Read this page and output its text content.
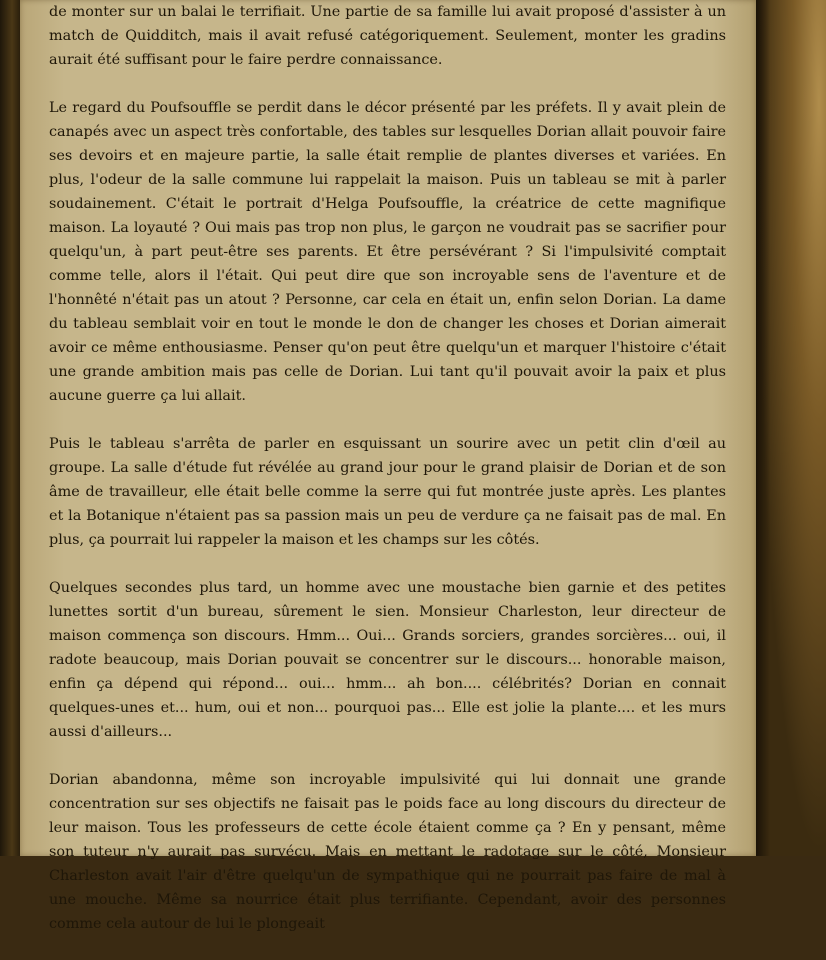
de monter sur un balai le terrifiait. Une partie de sa famille lui avait proposé d'assister à un match de Quidditch, mais il avait refusé catégoriquement. Seulement, monter les gradins aurait été suffisant pour le faire perdre connaissance.

Le regard du Poufsouffle se perdit dans le décor présenté par les préfets. Il y avait plein de canapés avec un aspect très confortable, des tables sur lesquelles Dorian allait pouvoir faire ses devoirs et en majeure partie, la salle était remplie de plantes diverses et variées. En plus, l'odeur de la salle commune lui rappelait la maison. Puis un tableau se mit à parler soudainement. C'était le portrait d'Helga Poufsouffle, la créatrice de cette magnifique maison. La loyauté ? Oui mais pas trop non plus, le garçon ne voudrait pas se sacrifier pour quelqu'un, à part peut-être ses parents. Et être persévérant ? Si l'impulsivité comptait comme telle, alors il l'était. Qui peut dire que son incroyable sens de l'aventure et de l'honnêté n'était pas un atout ? Personne, car cela en était un, enfin selon Dorian. La dame du tableau semblait voir en tout le monde le don de changer les choses et Dorian aimerait avoir ce même enthousiasme. Penser qu'on peut être quelqu'un et marquer l'histoire c'était une grande ambition mais pas celle de Dorian. Lui tant qu'il pouvait avoir la paix et plus aucune guerre ça lui allait.

Puis le tableau s'arrêta de parler en esquissant un sourire avec un petit clin d'œil au groupe. La salle d'étude fut révélée au grand jour pour le grand plaisir de Dorian et de son âme de travailleur, elle était belle comme la serre qui fut montrée juste après. Les plantes et la Botanique n'étaient pas sa passion mais un peu de verdure ça ne faisait pas de mal. En plus, ça pourrait lui rappeler la maison et les champs sur les côtés.

Quelques secondes plus tard, un homme avec une moustache bien garnie et des petites lunettes sortit d'un bureau, sûrement le sien. Monsieur Charleston, leur directeur de maison commença son discours. Hmm... Oui... Grands sorciers, grandes sorcières... oui, il radote beaucoup, mais Dorian pouvait se concentrer sur le discours... honorable maison, enfin ça dépend qui répond... oui... hmm... ah bon.... célébrités? Dorian en connait quelques-unes et... hum, oui et non... pourquoi pas... Elle est jolie la plante.... et les murs aussi d'ailleurs...

Dorian abandonna, même son incroyable impulsivité qui lui donnait une grande concentration sur ses objectifs ne faisait pas le poids face au long discours du directeur de leur maison. Tous les professeurs de cette école étaient comme ça ? En y pensant, même son tuteur n'y aurait pas survécu. Mais en mettant le radotage sur le côté, Monsieur Charleston avait l'air d'être quelqu'un de sympathique qui ne pourrait pas faire de mal à une mouche. Même sa nourrice était plus terrifiante. Cependant, avoir des personnes comme cela autour de lui le plongeait
